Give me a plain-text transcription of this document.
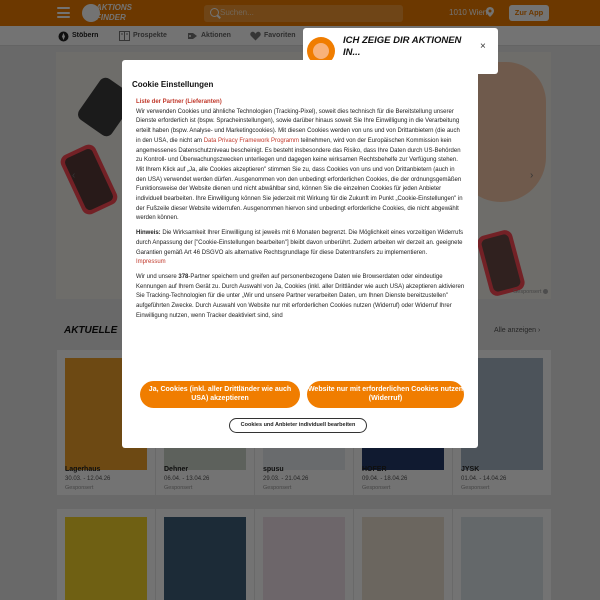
ICH ZEIGE DIR AKTIONEN IN...
×
Cookie Einstellungen

Liste der Partner (Lieferanten)
Wir verwenden Cookies und ähnliche Technologien (Tracking-Pixel), soweit dies technisch für die Bereitstellung unserer Dienste erforderlich ist (bspw. Spracheinstellungen), sowie darüber hinaus soweit Sie Ihre Einwilligung in die Verarbeitung erteilt haben (bspw. Analyse- und Marketingcookies). Mit diesen Cookies werden von uns und von Drittanbietern (die auch in den USA, die nicht am Data Privacy Framework Programm teilnehmen, wird von der Europäischen Kommission kein angemessenes Datenschutzniveau bescheinigt. Es besteht insbesondere das Risiko, dass Ihre Daten durch US-Behörden zu Kontroll- und Überwachungszwecken unterliegen und dagegen keine wirksamen Rechtsbehelfe zur Verfügung stehen. Mit Ihrem Klick auf „Ja, alle Cookies akzeptieren" stimmen Sie zu, dass Cookies von uns und von Drittanbietern (auch in den USA) verwendet werden dürfen. Ausgenommen von den unbedingt erforderlichen Cookies, die der ordnungsgemäßen Funktionsweise der Website dienen und nicht abwählbar sind, können Sie die einzelnen Cookies für jeden Anbieter individuell bearbeiten. Ihre Einwilligung können Sie jederzeit mit Wirkung für die Zukunft im Punkt „Cookie-Einstellungen" in der Fußzeile dieser Website widerrufen. Ausgenommen hiervon sind unbedingt erforderliche Cookies, die nicht abgewählt werden können.

Hinweis: Die Wirksamkeit Ihrer Einwilligung ist jeweils mit 6 Monaten begrenzt. Die Möglichkeit eines vorzeitigen Widerrufs durch Anpassung der ["Cookie-Einstellungen bearbeiten"] bleibt davon unberührt. Zudem arbeiten wir derzeit an. geeignete Garantien gemäß Art 46 DSGVO als alternative Rechtsgrundlage für diese Datentransfers zu implementieren.
Impressum

Wir und unsere 378-Partner speichern und greifen auf personenbezogene Daten wie Browserdaten oder eindeutige Kennungen auf Ihrem Gerät zu. Durch Auswahl von Ja, Cookies (inkl. aller Drittländer wie auch USA) akzeptieren aktivieren Sie Tracking-Technologien für die unter „Wir und unsere Partner verarbeiten Daten, um Ihnen Dienste bereitzustellen" aufgeführten Zwecke. Durch Auswahl von Website nur mit erforderlichen Cookies nutzen (Widerruf) oder Widerruf Ihrer Einwilligung nutzen, wenn Tracker deaktiviert sind, sind

Ja, Cookies (inkl. aller Drittländer wie auch USA) akzeptieren
Website nur mit erforderlichen Cookies nutzen (Widerruf)
Cookies und Anbieter individuell bearbeiten
